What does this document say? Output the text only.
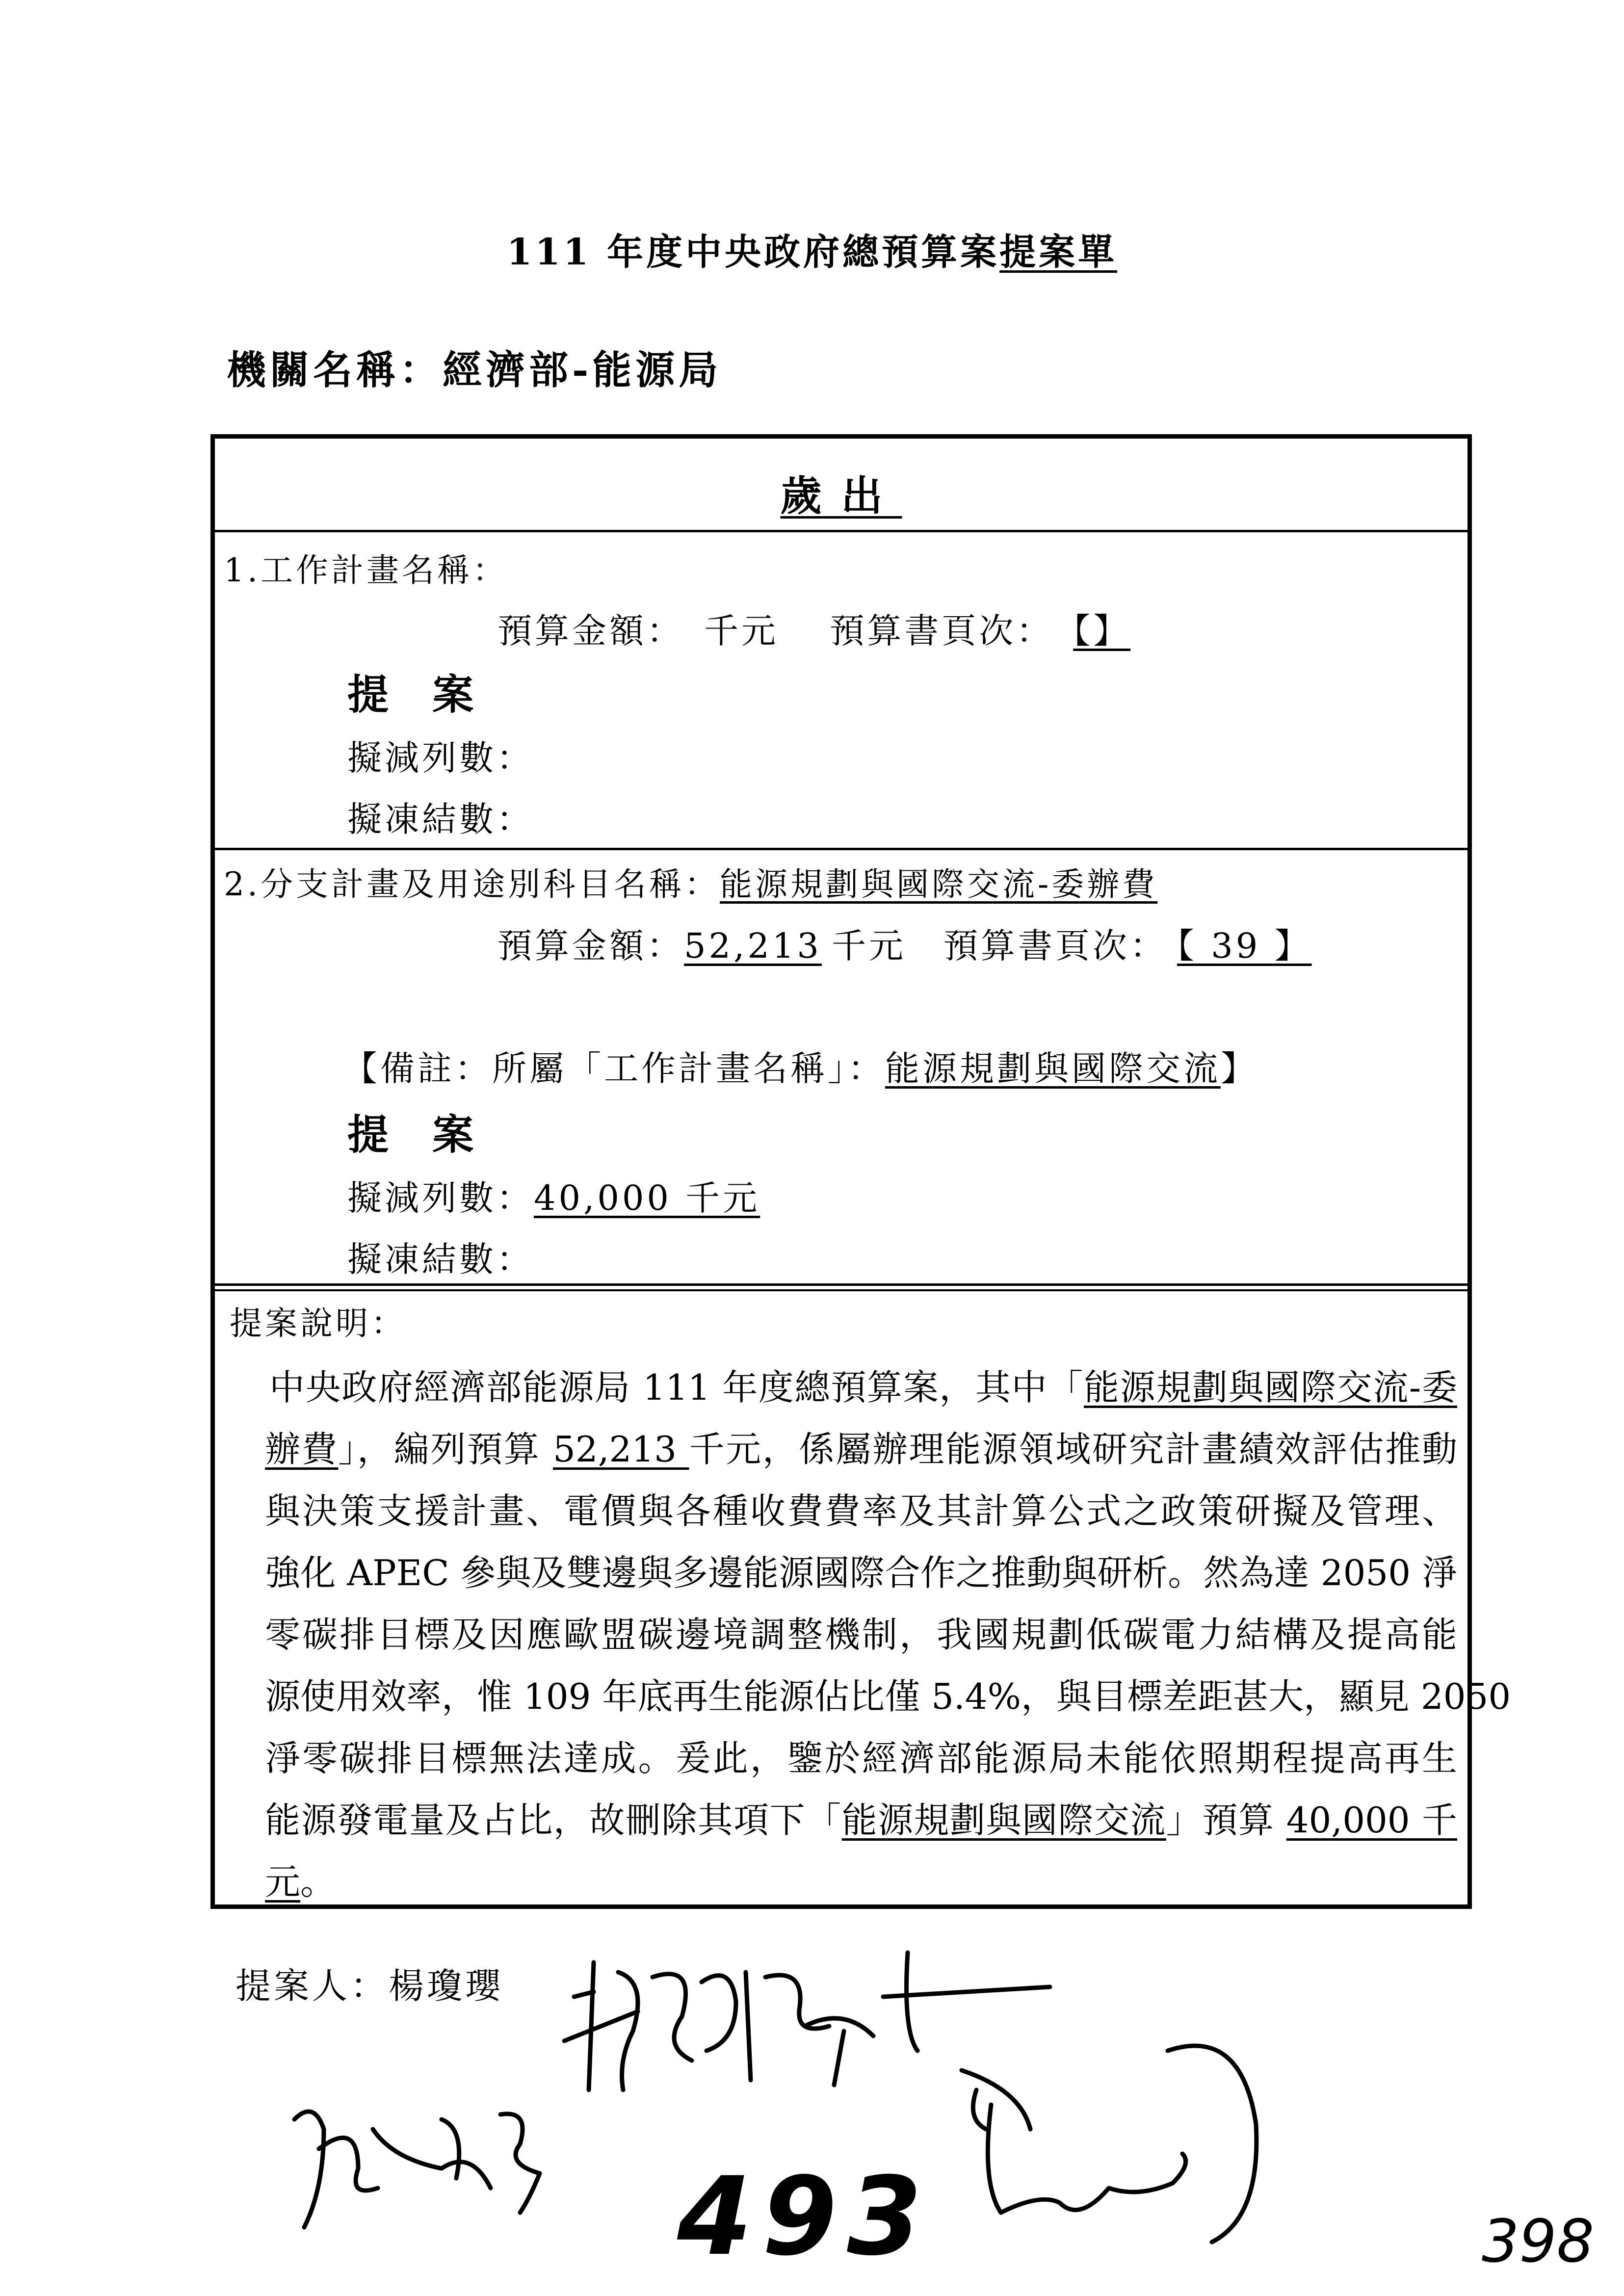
111 年度中央政府總預算案提案單
機關名稱：經濟部-能源局
歲出
1.工作計畫名稱：
預算金額：　千元　 預算書頁次： 【】
提 案
擬減列數：
擬凍結數：
2.分支計畫及用途別科目名稱：能源規劃與國際交流-委辦費
預算金額：52,213 千元　預算書頁次： 【 39 】
【備註：所屬「工作計畫名稱」：能源規劃與國際交流】
提 案
擬減列數：40,000 千元
擬凍結數：
提案說明：
中央政府經濟部能源局 111 年度總預算案，其中「能源規劃與國際交流-委
辦費」，編列預算 52,213 千元，係屬辦理能源領域研究計畫績效評估推動
與決策支援計畫、電價與各種收費費率及其計算公式之政策研擬及管理、
強化 APEC 參與及雙邊與多邊能源國際合作之推動與研析。然為達 2050 淨
零碳排目標及因應歐盟碳邊境調整機制，我國規劃低碳電力結構及提高能
源使用效率，惟 109 年底再生能源佔比僅 5.4%，與目標差距甚大，顯見 2050
淨零碳排目標無法達成。爰此，鑒於經濟部能源局未能依照期程提高再生
能源發電量及占比，故刪除其項下「能源規劃與國際交流」預算 40,000 千
元。
提案人：楊瓊瓔
493	398
